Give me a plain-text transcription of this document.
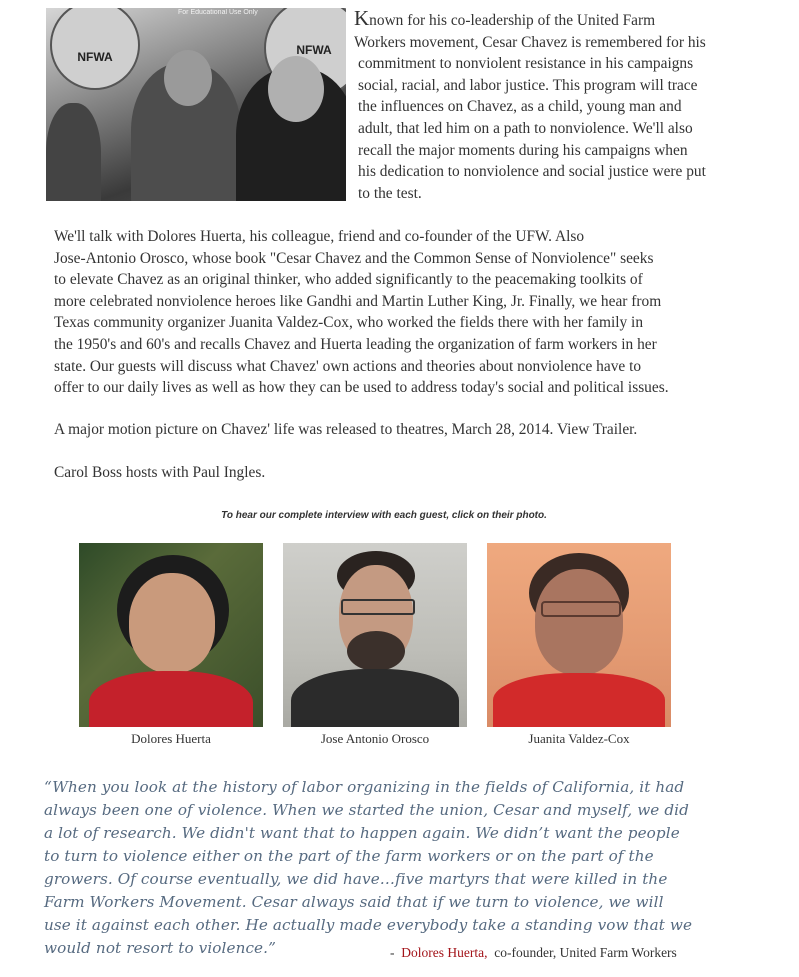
NFWA	NFWA
For Educational Use Only	Known for his co-leadership of the United Farm
Workers movement, Cesar Chavez is remembered for his
commitment to nonviolent resistance in his campaigns
social, racial, and labor justice. This program will trace
the influences on Chavez, as a child, young man and
adult, that led him on a path to nonviolence. We'll also
recall the major moments during his campaigns when
his dedication to nonviolence and social justice were put
to the test.

We'll talk with Dolores Huerta, his colleague, friend and co-founder of the UFW. Also
Jose-Antonio Orosco, whose book "Cesar Chavez and the Common Sense of Nonviolence" seeks
to elevate Chavez as an original thinker, who added significantly to the peacemaking toolkits of
more celebrated nonviolence heroes like Gandhi and Martin Luther King, Jr. Finally, we hear from
Texas community organizer Juanita Valdez-Cox, who worked the fields there with her family in
the 1950's and 60's and recalls Chavez and Huerta leading the organization of farm workers in her
state. Our guests will discuss what Chavez' own actions and theories about nonviolence have to
offer to our daily lives as well as how they can be used to address today's social and political issues.

A major motion picture on Chavez' life was released to theatres, March 28, 2014. View Trailer.

Carol Boss hosts with Paul Ingles.

To hear our complete interview with each guest, click on their photo.
Dolores Huerta	Jose Antonio Orosco	Juanita Valdez-Cox

“When you look at the history of labor organizing in the fields of California, it had
always been one of violence. When we started the union, Cesar and myself, we did
a lot of research. We didn't want that to happen again. We didn’t want the people
to turn to violence either on the part of the farm workers or on the part of the
growers. Of course eventually, we did have…five martyrs that were killed in the
Farm Workers Movement. Cesar always said that if we turn to violence, we will
use it against each other. He actually made everybody take a standing vow that we
would not resort to violence.”	- Dolores Huerta, co-founder, United Farm Workers
